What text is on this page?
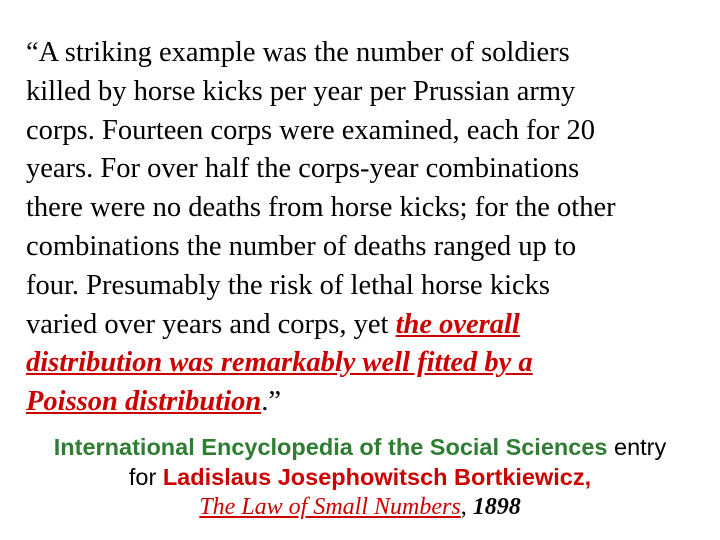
“A striking example was the number of soldiers
killed by horse kicks per year per Prussian army
corps. Fourteen corps were examined, each for 20
years. For over half the corps-year combinations
there were no deaths from horse kicks; for the other
combinations the number of deaths ranged up to
four. Presumably the risk of lethal horse kicks
varied over years and corps, yet the overall
distribution was remarkably well fitted by a
Poisson distribution.”
International Encyclopedia of the Social Sciences entry
for Ladislaus Josephowitsch Bortkiewicz,
The Law of Small Numbers, 1898
